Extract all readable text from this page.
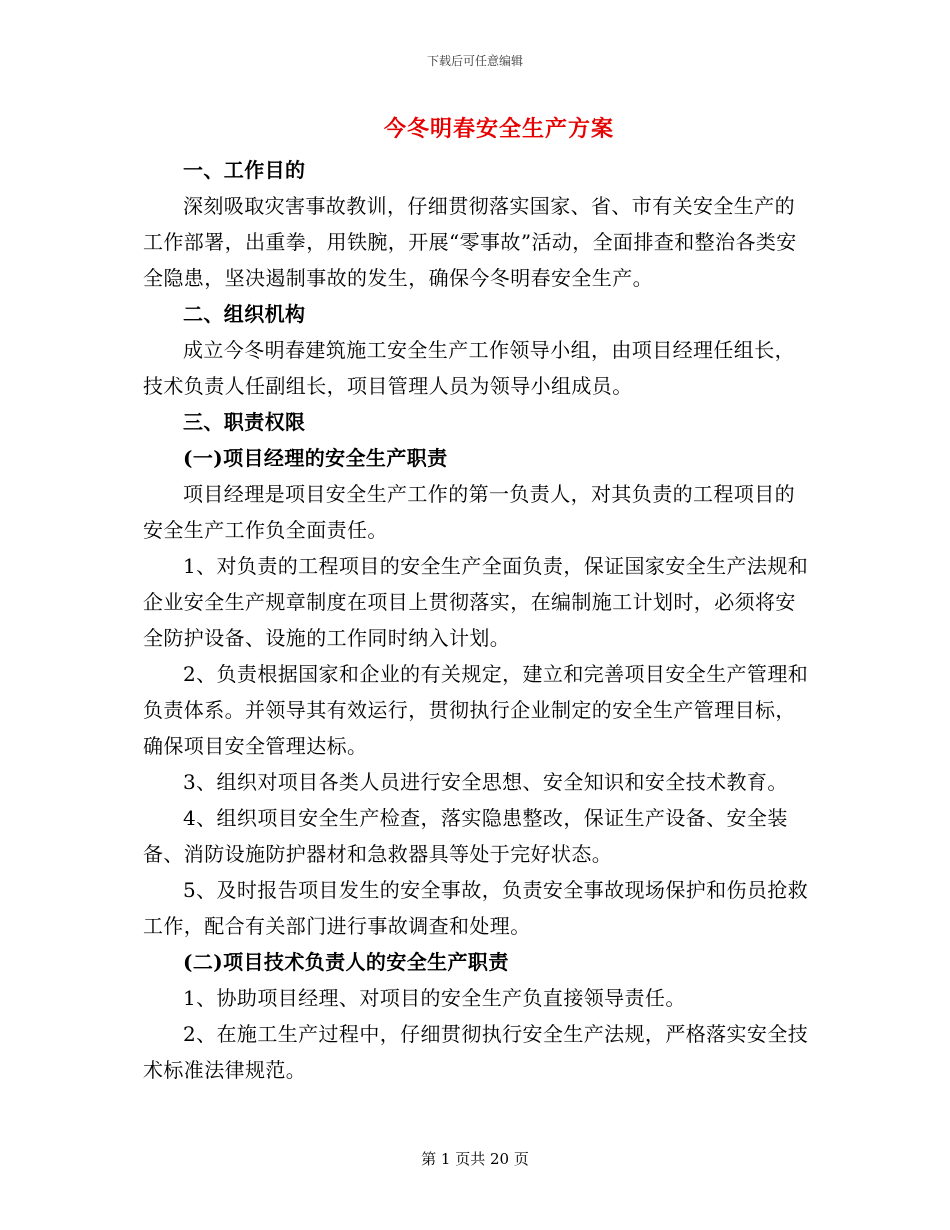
下载后可任意编辑
今冬明春安全生产方案

一、工作目的

深刻吸取灾害事故教训，仔细贯彻落实国家、省、市有关安全生产的工作部署，出重拳，用铁腕，开展“零事故”活动，全面排查和整治各类安全隐患，坚决遏制事故的发生，确保今冬明春安全生产。

二、组织机构

成立今冬明春建筑施工安全生产工作领导小组，由项目经理任组长，技术负责人任副组长，项目管理人员为领导小组成员。

三、职责权限

(一)项目经理的安全生产职责

项目经理是项目安全生产工作的第一负责人，对其负责的工程项目的安全生产工作负全面责任。

1、对负责的工程项目的安全生产全面负责，保证国家安全生产法规和企业安全生产规章制度在项目上贯彻落实，在编制施工计划时，必须将安全防护设备、设施的工作同时纳入计划。

2、负责根据国家和企业的有关规定，建立和完善项目安全生产管理和负责体系。并领导其有效运行，贯彻执行企业制定的安全生产管理目标，确保项目安全管理达标。

3、组织对项目各类人员进行安全思想、安全知识和安全技术教育。

4、组织项目安全生产检查，落实隐患整改，保证生产设备、安全装备、消防设施防护器材和急救器具等处于完好状态。

5、及时报告项目发生的安全事故，负责安全事故现场保护和伤员抢救工作，配合有关部门进行事故调查和处理。

(二)项目技术负责人的安全生产职责

1、协助项目经理、对项目的安全生产负直接领导责任。

2、在施工生产过程中，仔细贯彻执行安全生产法规，严格落实安全技术标准法律规范。

第 1 页共 20 页
